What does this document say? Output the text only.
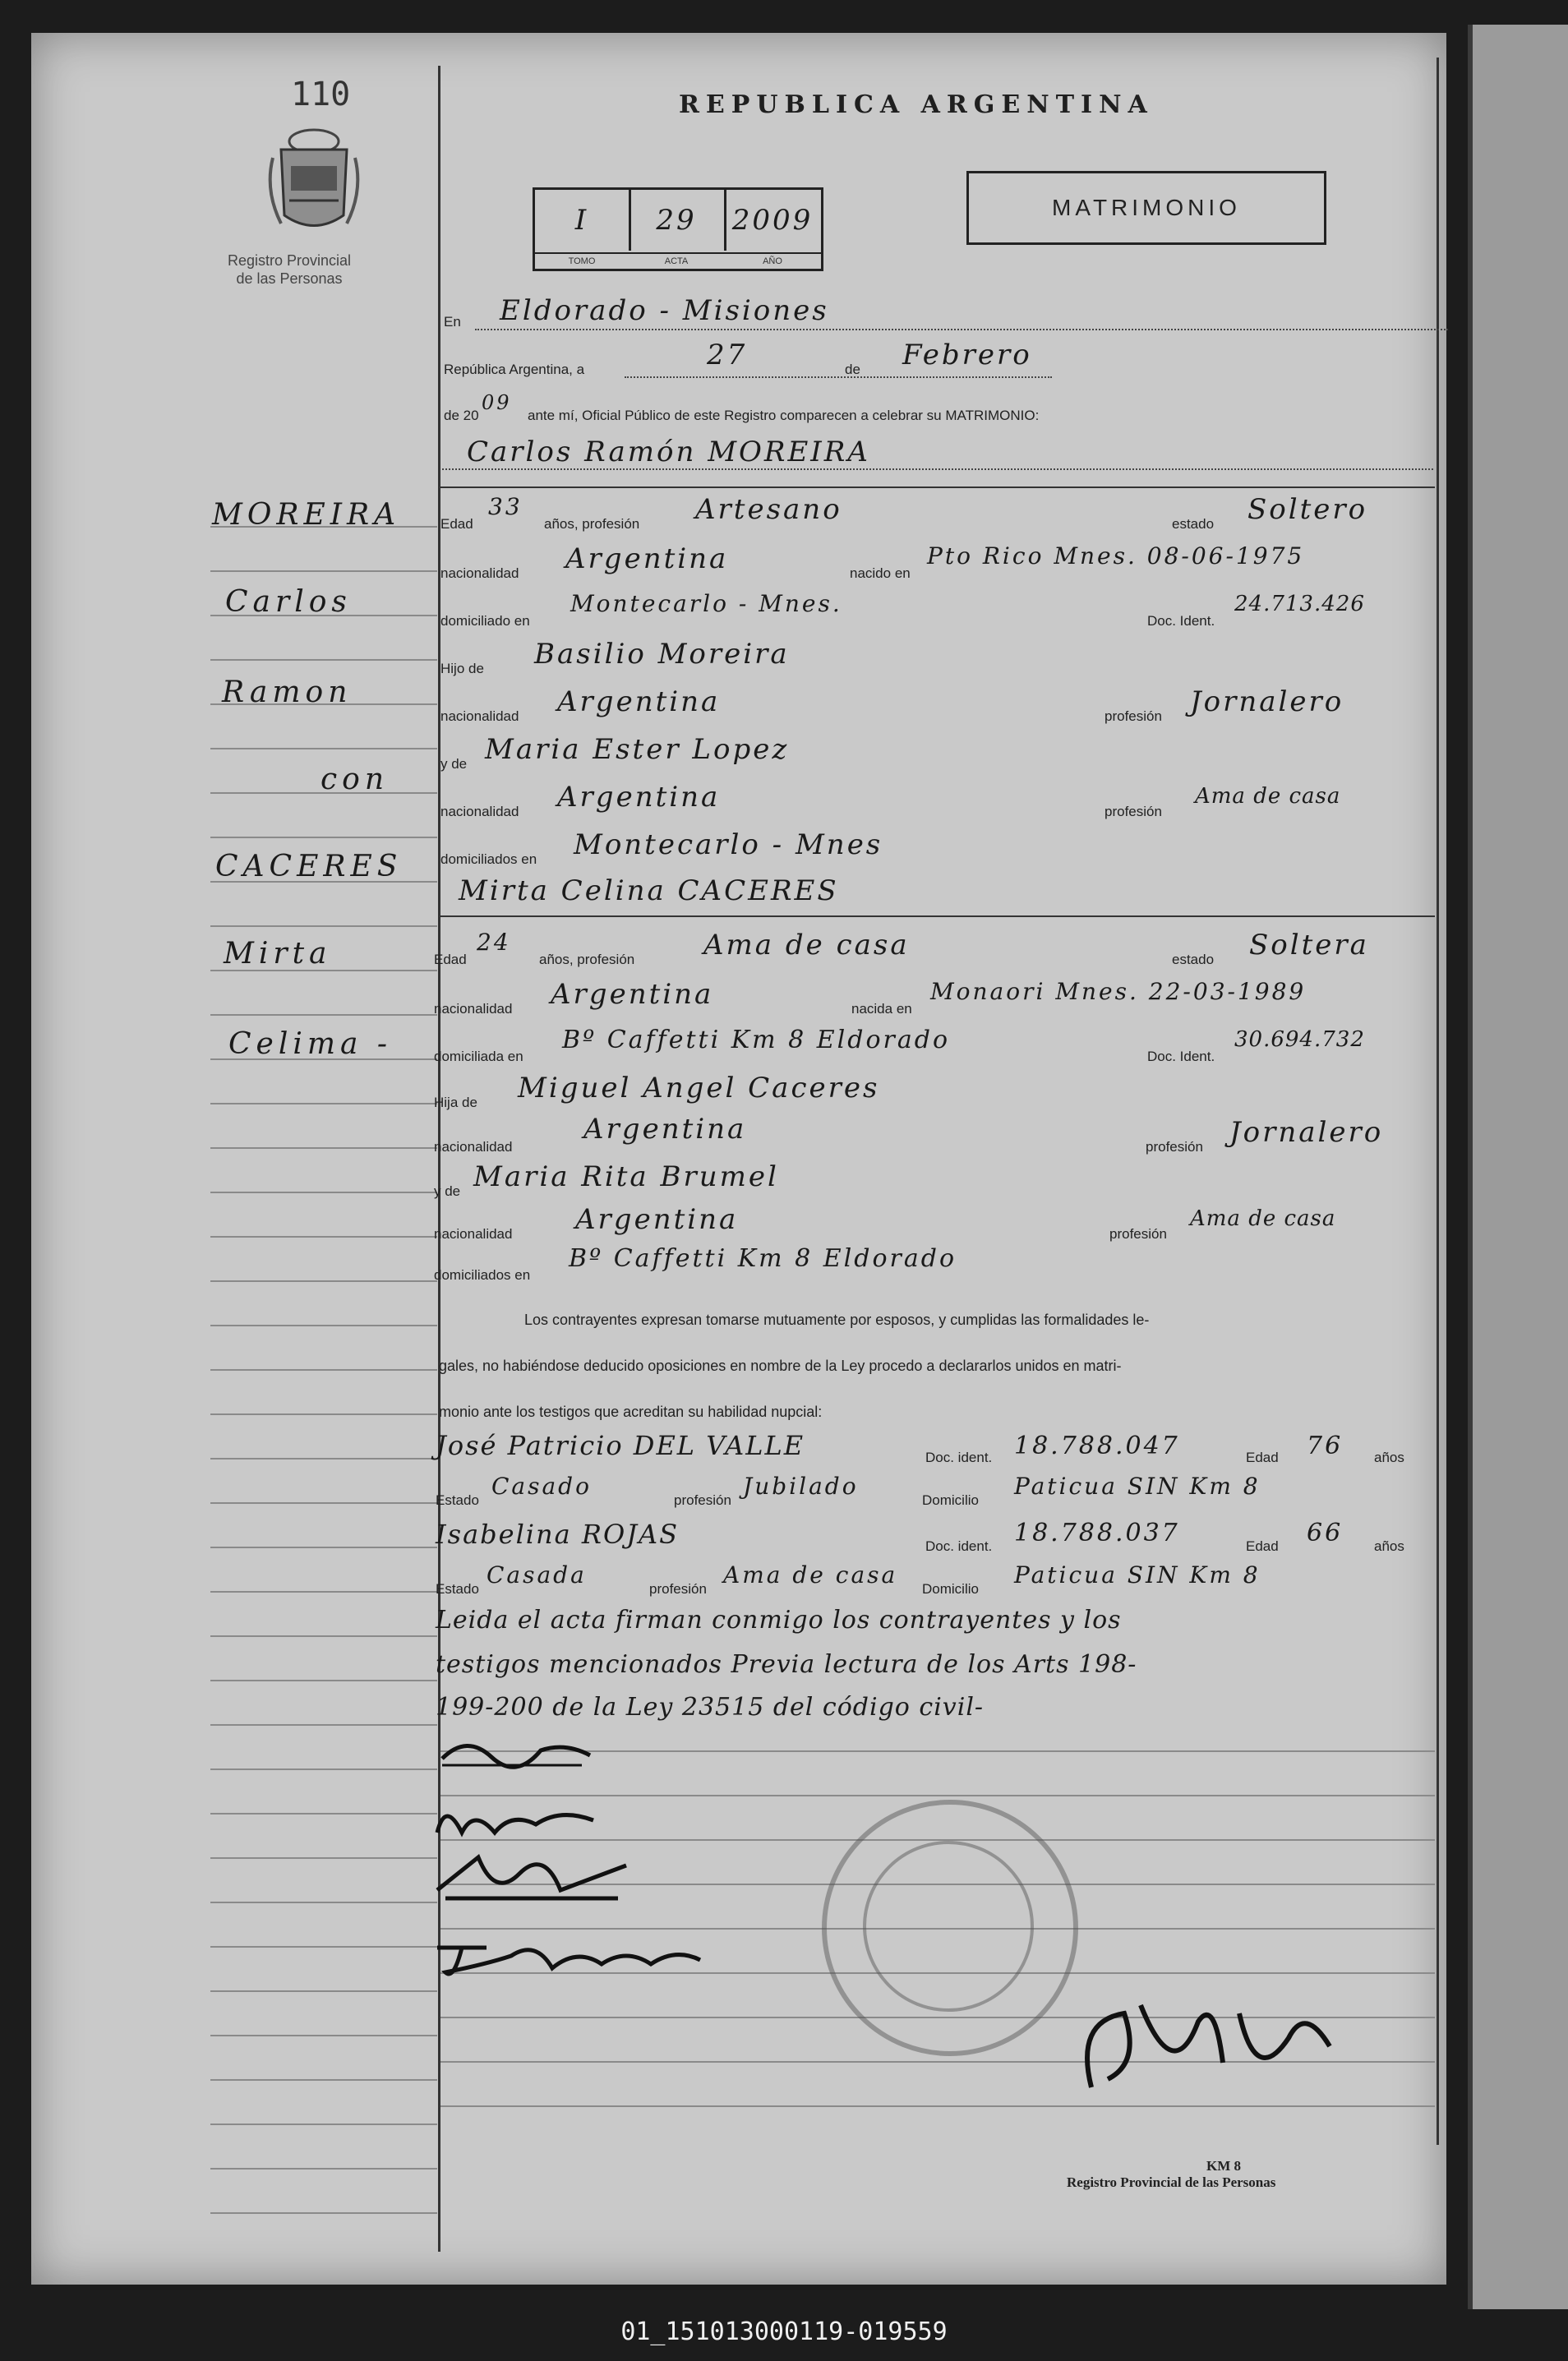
110
Registro Provincial
de las Personas
REPUBLICA ARGENTINA
I 29 2009
TOMO	ACTA	AÑO
MATRIMONIO
En Eldorado - Misiones
República Argentina, a	27	de Febrero
de 20
09
ante mí, Oficial Público de este Registro comparecen a celebrar su MATRIMONIO:
Carlos Ramón MOREIRA
MOREIRA
Carlos
Ramon
con
CACERES
Mirta
Celima -
Edad
33
años, profesión Artesano	estado Soltero
nacionalidad Argentina	nacido en
Pto Rico Mnes. 08-06-1975
domiciliado en
Montecarlo - Mnes.
Doc. Ident.
24.713.426
Hijo de Basilio Moreira
nacionalidad Argentina	profesión Jornalero
y de Maria Ester Lopez
nacionalidad Argentina	profesión
Ama de casa
domiciliados en Montecarlo - Mnes
Mirta Celina CACERES
Edad
24
años, profesión Ama de casa	estado Soltera
nacionalidad Argentina	nacida en
Monaori Mnes. 22-03-1989
domiciliada en
Bº Caffetti Km 8 Eldorado
Doc. Ident.
30.694.732
Hija de Miguel Angel Caceres
nacionalidad
Argentina
profesión Jornalero
y de Maria Rita Brumel
nacionalidad Argentina	profesión
Ama de casa
domiciliados en
Bº Caffetti Km 8 Eldorado
Los contrayentes expresan tomarse mutuamente por esposos, y cumplidas las formalidades le-
gales, no habiéndose deducido oposiciones en nombre de la Ley procedo a declararlos unidos en matri-
monio ante los testigos que acreditan su habilidad nupcial:
José Patricio DEL VALLE	Doc. ident. 18.788.047	Edad 76 años
Estado
Casado
profesión
Jubilado
Domicilio
Paticua SIN Km 8
Isabelina ROJAS	Doc. ident. 18.788.037	Edad 66 años
Estado
Casada
profesión
Ama de casa
Domicilio
Paticua SIN Km 8
Leida el acta firman conmigo los contrayentes y los
testigos mencionados Previa lectura de los Arts 198-
199-200 de la Ley 23515 del código civil-
KM 8
Registro Provincial de las Personas
01_151013000119-019559
